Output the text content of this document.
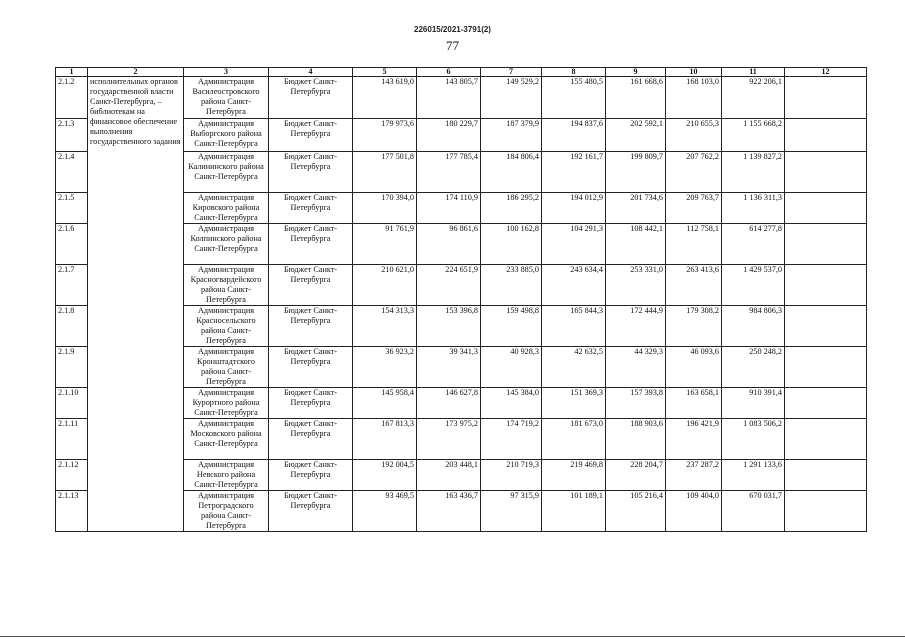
226015/2021-3791(2)
77
1	2	3	4	5	6	7	8	9	10	11	12
2.1.2	исполнительных органов государственной власти Санкт-Петербурга, – библиотекам на финансовое обеспечение выполнения государственного задания	Администрация Василеостровского района Санкт-Петербурга	Бюджет Санкт-Петербурга	143 619,0	143 805,7	149 529,2	155 480,5	161 668,6	168 103,0	922 206,1	
2.1.3		Администрация Выборгского района Санкт-Петербурга	Бюджет Санкт-Петербурга	179 973,6	180 229,7	187 379,9	194 837,6	202 592,1	210 655,3	1 155 668,2	
2.1.4		Администрация Калининского района Санкт-Петербурга	Бюджет Санкт-Петербурга	177 501,8	177 785,4	184 806,4	192 161,7	199 809,7	207 762,2	1 139 827,2	
2.1.5		Администрация Кировского района Санкт-Петербурга	Бюджет Санкт-Петербурга	170 394,0	174 110,9	186 295,2	194 012,9	201 734,6	209 763,7	1 136 311,3	
2.1.6		Администрация Колпинского района Санкт-Петербурга	Бюджет Санкт-Петербурга	91 761,9	96 861,6	100 162,8	104 291,3	108 442,1	112 758,1	614 277,8	
2.1.7		Администрация Красногвардейского района Санкт-Петербурга	Бюджет Санкт-Петербурга	210 621,0	224 651,9	233 885,0	243 634,4	253 331,0	263 413,6	1 429 537,0	
2.1.8		Администрация Красносельского района Санкт-Петербурга	Бюджет Санкт-Петербурга	154 313,3	153 396,8	159 498,8	165 844,3	172 444,9	179 308,2	984 806,3	
2.1.9		Администрация Кронштадтского района Санкт-Петербурга	Бюджет Санкт-Петербурга	36 923,2	39 341,3	40 928,3	42 632,5	44 329,3	46 093,6	250 248,2	
2.1.10		Администрация Курортного района Санкт-Петербурга	Бюджет Санкт-Петербурга	145 958,4	146 627,8	145 384,0	151 369,3	157 393,8	163 658,1	910 391,4	
2.1.11		Администрация Московского района Санкт-Петербурга	Бюджет Санкт-Петербурга	167 813,3	173 975,2	174 719,2	181 673,0	188 903,6	196 421,9	1 083 506,2	
2.1.12		Администрация Невского района Санкт-Петербурга	Бюджет Санкт-Петербурга	192 004,5	203 448,1	210 719,3	219 469,8	228 204,7	237 287,2	1 291 133,6	
2.1.13		Администрация Петроградского района Санкт-Петербурга	Бюджет Санкт-Петербурга	93 469,5	163 436,7	97 315,9	101 189,1	105 216,4	109 404,0	670 031,7	
